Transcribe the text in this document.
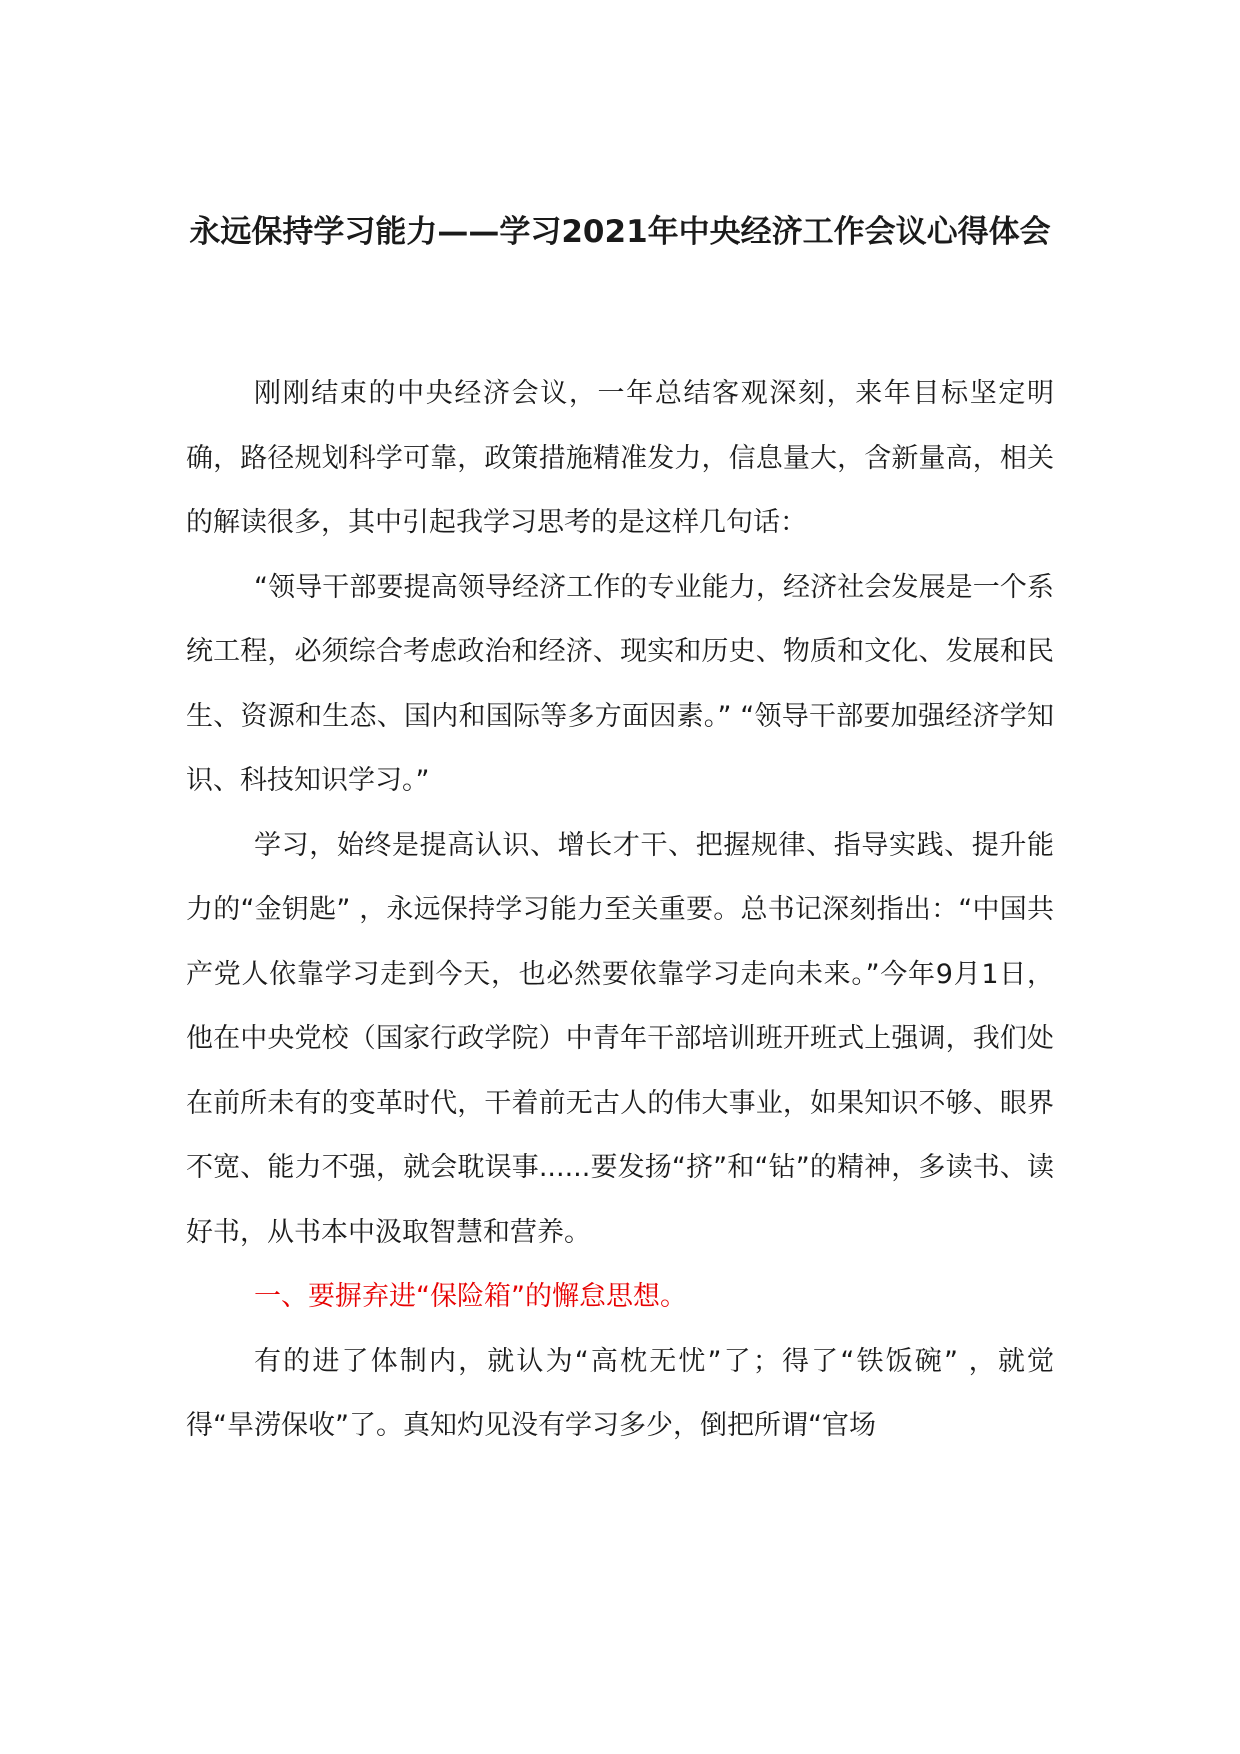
永远保持学习能力——学习2021年中央经济工作会议心得体会

刚刚结束的中央经济会议，一年总结客观深刻，来年目标坚定明确，路径规划科学可靠，政策措施精准发力，信息量大，含新量高，相关的解读很多，其中引起我学习思考的是这样几句话：

“领导干部要提高领导经济工作的专业能力，经济社会发展是一个系统工程，必须综合考虑政治和经济、现实和历史、物质和文化、发展和民生、资源和生态、国内和国际等多方面因素。” “领导干部要加强经济学知识、科技知识学习。”

学习，始终是提高认识、增长才干、把握规律、指导实践、提升能力的“金钥匙” ，永远保持学习能力至关重要。总书记深刻指出：“中国共产党人依靠学习走到今天，也必然要依靠学习走向未来。”今年9月1日，他在中央党校（国家行政学院）中青年干部培训班开班式上强调，我们处在前所未有的变革时代，干着前无古人的伟大事业，如果知识不够、眼界不宽、能力不强，就会耽误事......要发扬“挤”和“钻”的精神，多读书、读好书，从书本中汲取智慧和营养。

一、要摒弃进“保险箱”的懈怠思想。

有的进了体制内，就认为“高枕无忧”了；得了“铁饭碗” ，就觉得“旱涝保收”了。真知灼见没有学习多少，倒把所谓“官场
